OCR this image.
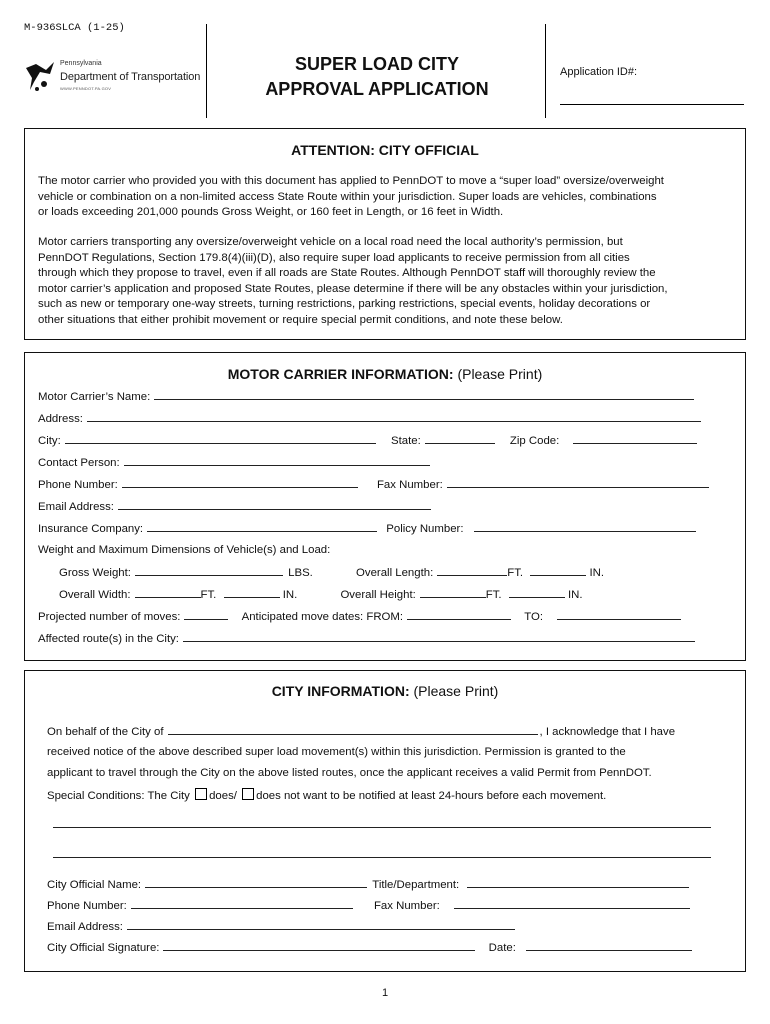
M-936SLCA (1-25)
Pennsylvania
Department of Transportation
WWW.PENNDOT.PA.GOV
SUPER LOAD CITY
APPROVAL APPLICATION
Application ID#:
ATTENTION: CITY OFFICIAL
The motor carrier who provided you with this document has applied to PennDOT to move a “super load” oversize/overweight
vehicle or combination on a non-limited access State Route within your jurisdiction. Super loads are vehicles, combinations
or loads exceeding 201,000 pounds Gross Weight, or 160 feet in Length, or 16 feet in Width.
Motor carriers transporting any oversize/overweight vehicle on a local road need the local authority’s permission, but
PennDOT Regulations, Section 179.8(4)(iii)(D), also require super load applicants to receive permission from all cities
through which they propose to travel, even if all roads are State Routes. Although PennDOT staff will thoroughly review the
motor carrier’s application and proposed State Routes, please determine if there will be any obstacles within your jurisdiction,
such as new or temporary one-way streets, turning restrictions, parking restrictions, special events, holiday decorations or
other situations that either prohibit movement or require special permit conditions, and note these below.
MOTOR CARRIER INFORMATION: (Please Print)
Motor Carrier’s Name:
Address:
City:	State:	Zip Code:
Contact Person:
Phone Number:	Fax Number:
Email Address:
Insurance Company:	Policy Number:
Weight and Maximum Dimensions of Vehicle(s) and Load:
Gross Weight:	LBS.	Overall Length:	FT.	IN.
Overall Width:	FT.	IN.	Overall Height:	FT.	IN.
Projected number of moves:	Anticipated move dates: FROM:	TO:
Affected route(s) in the City:
CITY INFORMATION: (Please Print)
On behalf of the City of	, I acknowledge that I have
received notice of the above described super load movement(s) within this jurisdiction. Permission is granted to the
applicant to travel through the City on the above listed routes, once the applicant receives a valid Permit from PennDOT.
Special Conditions: The City does/ does not want to be notified at least 24-hours before each movement.
City Official Name:	Title/Department:
Phone Number:	Fax Number:
Email Address:
City Official Signature:	Date:
1
